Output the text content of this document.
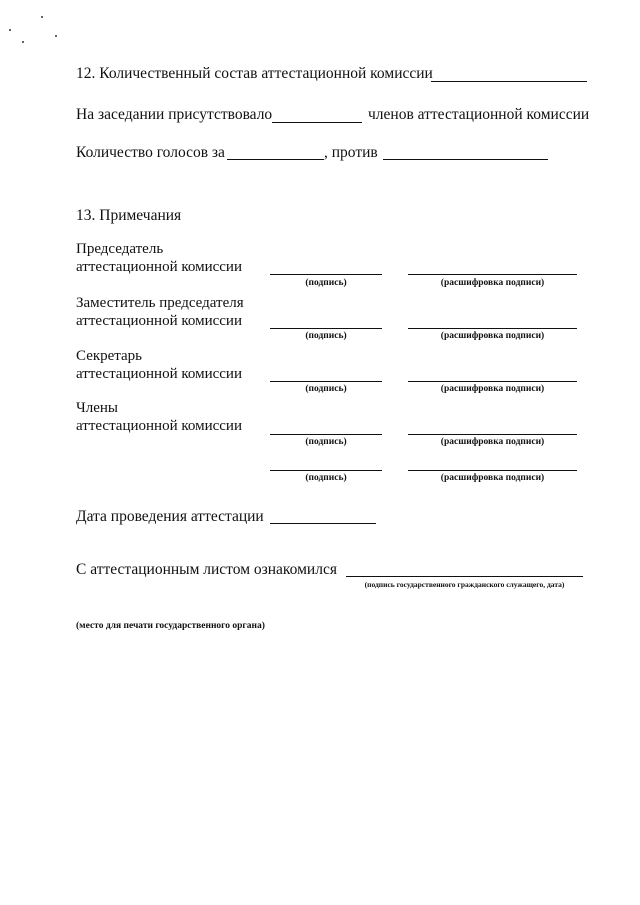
12. Количественный состав аттестационной комиссии
На заседании присутствовало	членов аттестационной комиссии
Количество голосов за	, против
13. Примечания
Председатель
аттестационной комиссии
(подпись)	(расшифровка подписи)
Заместитель председателя
аттестационной комиссии
(подпись)	(расшифровка подписи)
Секретарь
аттестационной комиссии
(подпись)	(расшифровка подписи)
Члены
аттестационной комиссии
(подпись)	(расшифровка подписи)
(подпись)	(расшифровка подписи)
Дата проведения аттестации
С аттестационным листом ознакомился
(подпись государственного гражданского служащего, дата)
(место для печати государственного органа)
